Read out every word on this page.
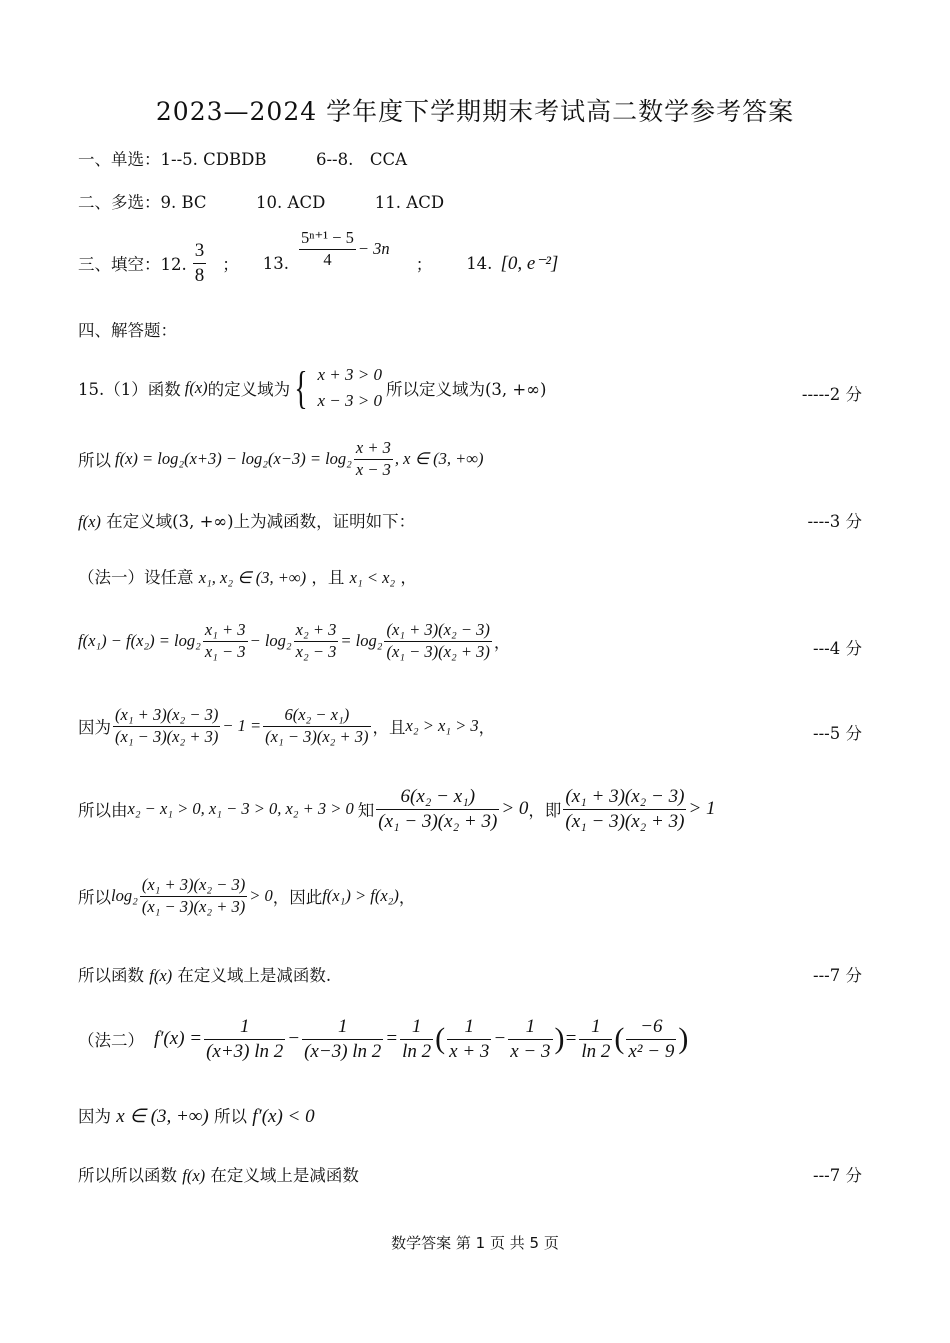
2023—2024 学年度下学期期末考试高二数学参考答案
一、单选：1--5. CDBDB　　　6--8.　CCA
二、多选：9. BC　　　10. ACD　　　11. ACD
三、填空：12. $\frac{3}{8}$ ； 13. $\frac{\text{5ⁿ⁺¹ − 5}}{4} - 3n$
； 14. [0, e⁻²]
四、解答题：
15.（1）函数 f(x) 的定义域为 { x + 3 > 0
x − 3 > 0
所以定义域为(3, +∞)	-----2 分
所以 $f(x) = \log_2(x+3) - \log_2(x-3) = \log_2 \frac{x + 3}{x - 3}$ , x ∈ (3, +∞)
f(x) 在定义域(3, +∞)上为减函数，证明如下：	----3 分
（法一）设任意 x₁, x₂ ∈ (3, +∞) ，且 x₁ < x₂ ，
$f(x_1) - f(x_2) = \log_2 \frac{\text{x₁ + 3}}{\text{x₁ − 3}} - \log_2 \frac{\text{x₂ + 3}}{\text{x₂ − 3}} = \log_2 \frac{\text{(x₁ + 3)(x₂ − 3)}}{\text{(x₁ − 3)(x₂ + 3)}}$ ，	---4 分
因为 $\frac{\text{(x₁ + 3)(x₂ − 3)}}{\text{(x₁ − 3)(x₂ + 3)}} - 1 = \frac{\text{6(x₂ − x₁)}}{\text{(x₁ − 3)(x₂ + 3)}}$ ，且 x₂ > x₁ > 3 ，	---5 分
所以由 x₂ − x₁ > 0, x₁ − 3 > 0, x₂ + 3 > 0 知 $\frac{\text{6(x₂ − x₁)}}{\text{(x₁ − 3)(x₂ + 3)}} > 0$ ，即 $\frac{\text{(x₁ + 3)(x₂ − 3)}}{\text{(x₁ − 3)(x₂ + 3)}} > 1$
所以 $\log_2 \frac{\text{(x₁ + 3)(x₂ − 3)}}{\text{(x₁ − 3)(x₂ + 3)}} > 0$ ，因此 f(x₁) > f(x₂) ，
所以函数 f(x) 在定义域上是减函数.	---7 分
（法二） $f'(x) = \frac{1}{(x+3) \ln 2} - \frac{1}{(x-3) \ln 2} = \frac{1}{\ln 2}$ ( $\frac{1}{x + 3} - \frac{1}{x - 3}$ ) = $\frac{1}{\ln 2}$ ( $\frac{-6}{\text{x² − 9}}$ )
因为 x ∈ (3, +∞) 所以 f′(x) < 0
所以所以函数 f(x) 在定义域上是减函数	---7 分
数学答案 第 1 页 共 5 页
